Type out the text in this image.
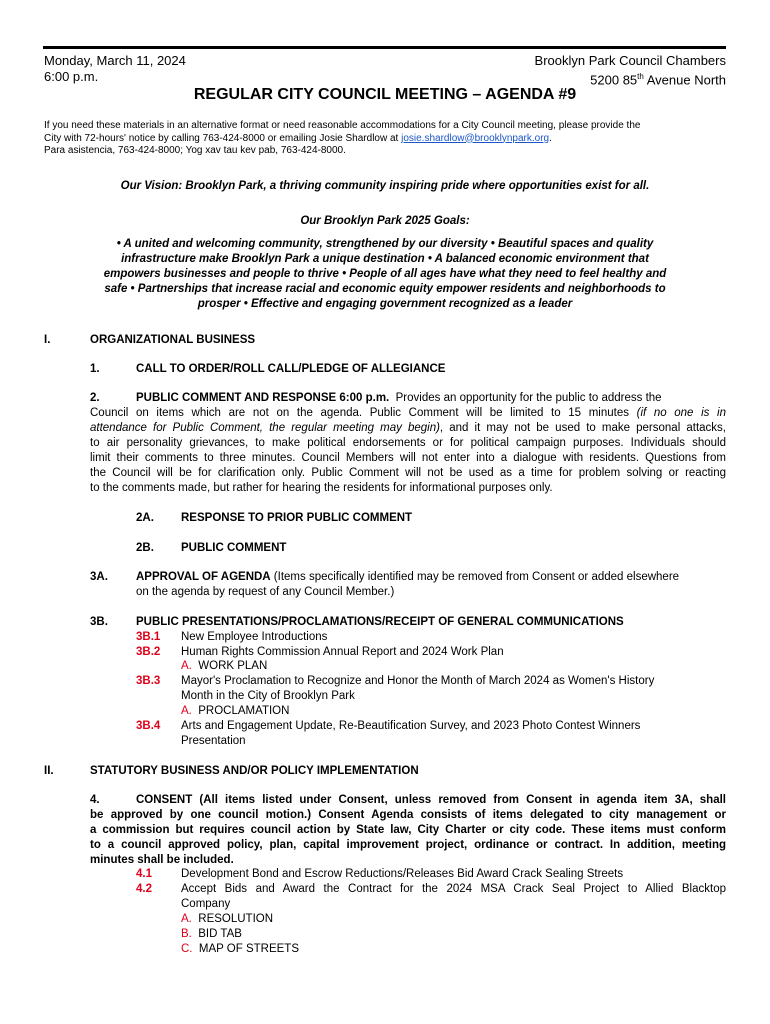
Monday, March 11, 2024
6:00 p.m.
Brooklyn Park Council Chambers
5200 85th Avenue North
REGULAR CITY COUNCIL MEETING – AGENDA #9
If you need these materials in an alternative format or need reasonable accommodations for a City Council meeting, please provide the
City with 72-hours' notice by calling 763-424-8000 or emailing Josie Shardlow at josie.shardlow@brooklynpark.org.
Para asistencia, 763-424-8000; Yog xav tau kev pab, 763-424-8000.
Our Vision: Brooklyn Park, a thriving community inspiring pride where opportunities exist for all.
Our Brooklyn Park 2025 Goals:
• A united and welcoming community, strengthened by our diversity • Beautiful spaces and quality
infrastructure make Brooklyn Park a unique destination • A balanced economic environment that
empowers businesses and people to thrive • People of all ages have what they need to feel healthy and
safe • Partnerships that increase racial and economic equity empower residents and neighborhoods to
prosper • Effective and engaging government recognized as a leader
I.	ORGANIZATIONAL BUSINESS
1.	CALL TO ORDER/ROLL CALL/PLEDGE OF ALLEGIANCE
2.	PUBLIC COMMENT AND RESPONSE 6:00 p.m.
Provides an opportunity for the public to address the
Council on items which are not on the agenda. Public Comment will be limited to 15 minutes (if no one is in
attendance for Public Comment, the regular meeting may begin), and it may not be used to make personal attacks,
to air personality grievances, to make political endorsements or for political campaign purposes. Individuals should
limit their comments to three minutes. Council Members will not enter into a dialogue with residents. Questions from
the Council will be for clarification only. Public Comment will not be used as a time for problem solving or reacting
to the comments made, but rather for hearing the residents for informational purposes only.
2A. RESPONSE TO PRIOR PUBLIC COMMENT
2B. PUBLIC COMMENT
3A. APPROVAL OF AGENDA (Items specifically identified may be removed from Consent or added elsewhere
on the agenda by request of any Council Member.)
3B. PUBLIC PRESENTATIONS/PROCLAMATIONS/RECEIPT OF GENERAL COMMUNICATIONS
3B.1 New Employee Introductions
3B.2 Human Rights Commission Annual Report and 2024 Work Plan
A. WORK PLAN
3B.3 Mayor's Proclamation to Recognize and Honor the Month of March 2024 as Women's History
Month in the City of Brooklyn Park
A. PROCLAMATION
3B.4 Arts and Engagement Update, Re-Beautification Survey, and 2023 Photo Contest Winners
Presentation
II.	STATUTORY BUSINESS AND/OR POLICY IMPLEMENTATION
4.	CONSENT (All items listed under Consent, unless removed from Consent in agenda item 3A, shall
be approved by one council motion.) Consent Agenda consists of items delegated to city management or
a commission but requires council action by State law, City Charter or city code. These items must conform
to a council approved policy, plan, capital improvement project, ordinance or contract. In addition, meeting
minutes shall be included.
4.1	Development Bond and Escrow Reductions/Releases Bid Award Crack Sealing Streets
4.2	Accept Bids and Award the Contract for the 2024 MSA Crack Seal Project to Allied Blacktop
Company
A. RESOLUTION
B. BID TAB
C. MAP OF STREETS
